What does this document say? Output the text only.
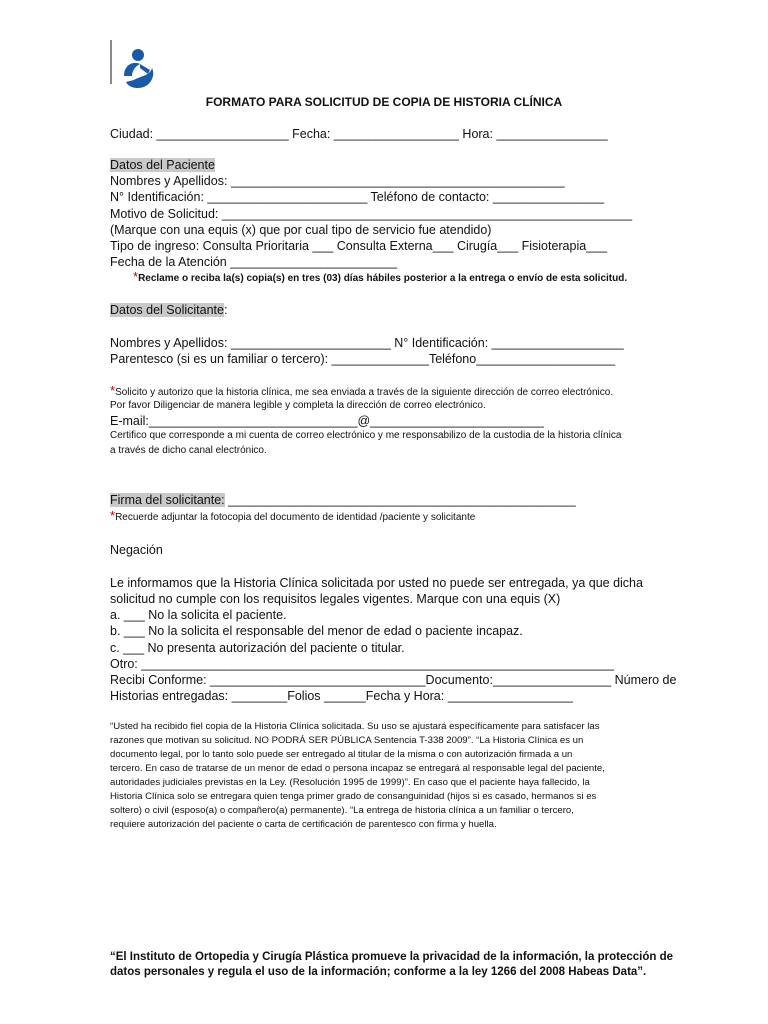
FORMATO PARA SOLICITUD DE COPIA DE HISTORIA CLÍNICA
Ciudad: ___________________ Fecha: __________________ Hora: ________________
Datos del Paciente
Nombres y Apellidos: ________________________________________________
N° Identificación: _______________________ Teléfono de contacto: ________________
Motivo de Solicitud: ___________________________________________________________
(Marque con una equis (x) que por cual tipo de servicio fue atendido)
Tipo de ingreso: Consulta Prioritaria ___ Consulta Externa___ Cirugía___ Fisioterapia___
Fecha de la Atención ________________________
*Reclame o reciba la(s) copia(s) en tres (03) días hábiles posterior a la entrega o envío de esta solicitud.
Datos del Solicitante:
Nombres y Apellidos: _______________________ N° Identificación: ___________________
Parentesco (si es un familiar o tercero): ______________Teléfono____________________
*Solicito y autorizo que la historia clínica, me sea enviada a través de la siguiente dirección de correo electrónico.
Por favor Diligenciar de manera legible y completa la dirección de correo electrónico.
E-mail:______________________________@_________________________
Certifico que corresponde a mi cuenta de correo electrónico y me responsabilizo de la custodia de la historia clínica
a través de dicho canal electrónico.
Firma del solicitante: __________________________________________________
*Recuerde adjuntar la fotocopia del documento de identidad /paciente y solicitante
Negación
Le informamos que la Historia Clínica solicitada por usted no puede ser entregada, ya que dicha
solicitud no cumple con los requisitos legales vigentes. Marque con una equis (X)
a. ___ No la solicita el paciente.
b. ___ No la solicita el responsable del menor de edad o paciente incapaz.
c. ___ No presenta autorización del paciente o titular.
Otro: ____________________________________________________________________
Recibi Conforme: _______________________________Documento:_________________ Número de
Historias entregadas: ________Folios ______Fecha y Hora: __________________
“Usted ha recibido fiel copia de la Historia Clínica solicitada. Su uso se ajustará específicamente para satisfacer las
razones que motivan su solicitud. NO PODRÁ SER PÚBLICA Sentencia T-338 2009”. “La Historia Clínica es un
documento legal, por lo tanto solo puede ser entregado al titular de la misma o con autorización firmada a un
tercero. En caso de tratarse de un menor de edad o persona incapaz se entregará al responsable legal del paciente,
autoridades judiciales previstas en la Ley. (Resolución 1995 de 1999)”. En caso que el paciente haya fallecido, la
Historia Clínica solo se entregara quien tenga primer grado de consanguinidad (hijos si es casado, hermanos si es
soltero) o civil (esposo(a) o compañero(a) permanente). “La entrega de historia clínica a un familiar o tercero,
requiere autorización del paciente o carta de certificación de parentesco con firma y huella.
“El Instituto de Ortopedia y Cirugía Plástica promueve la privacidad de la información, la protección de
datos personales y regula el uso de la información; conforme a la ley 1266 del 2008 Habeas Data”.
